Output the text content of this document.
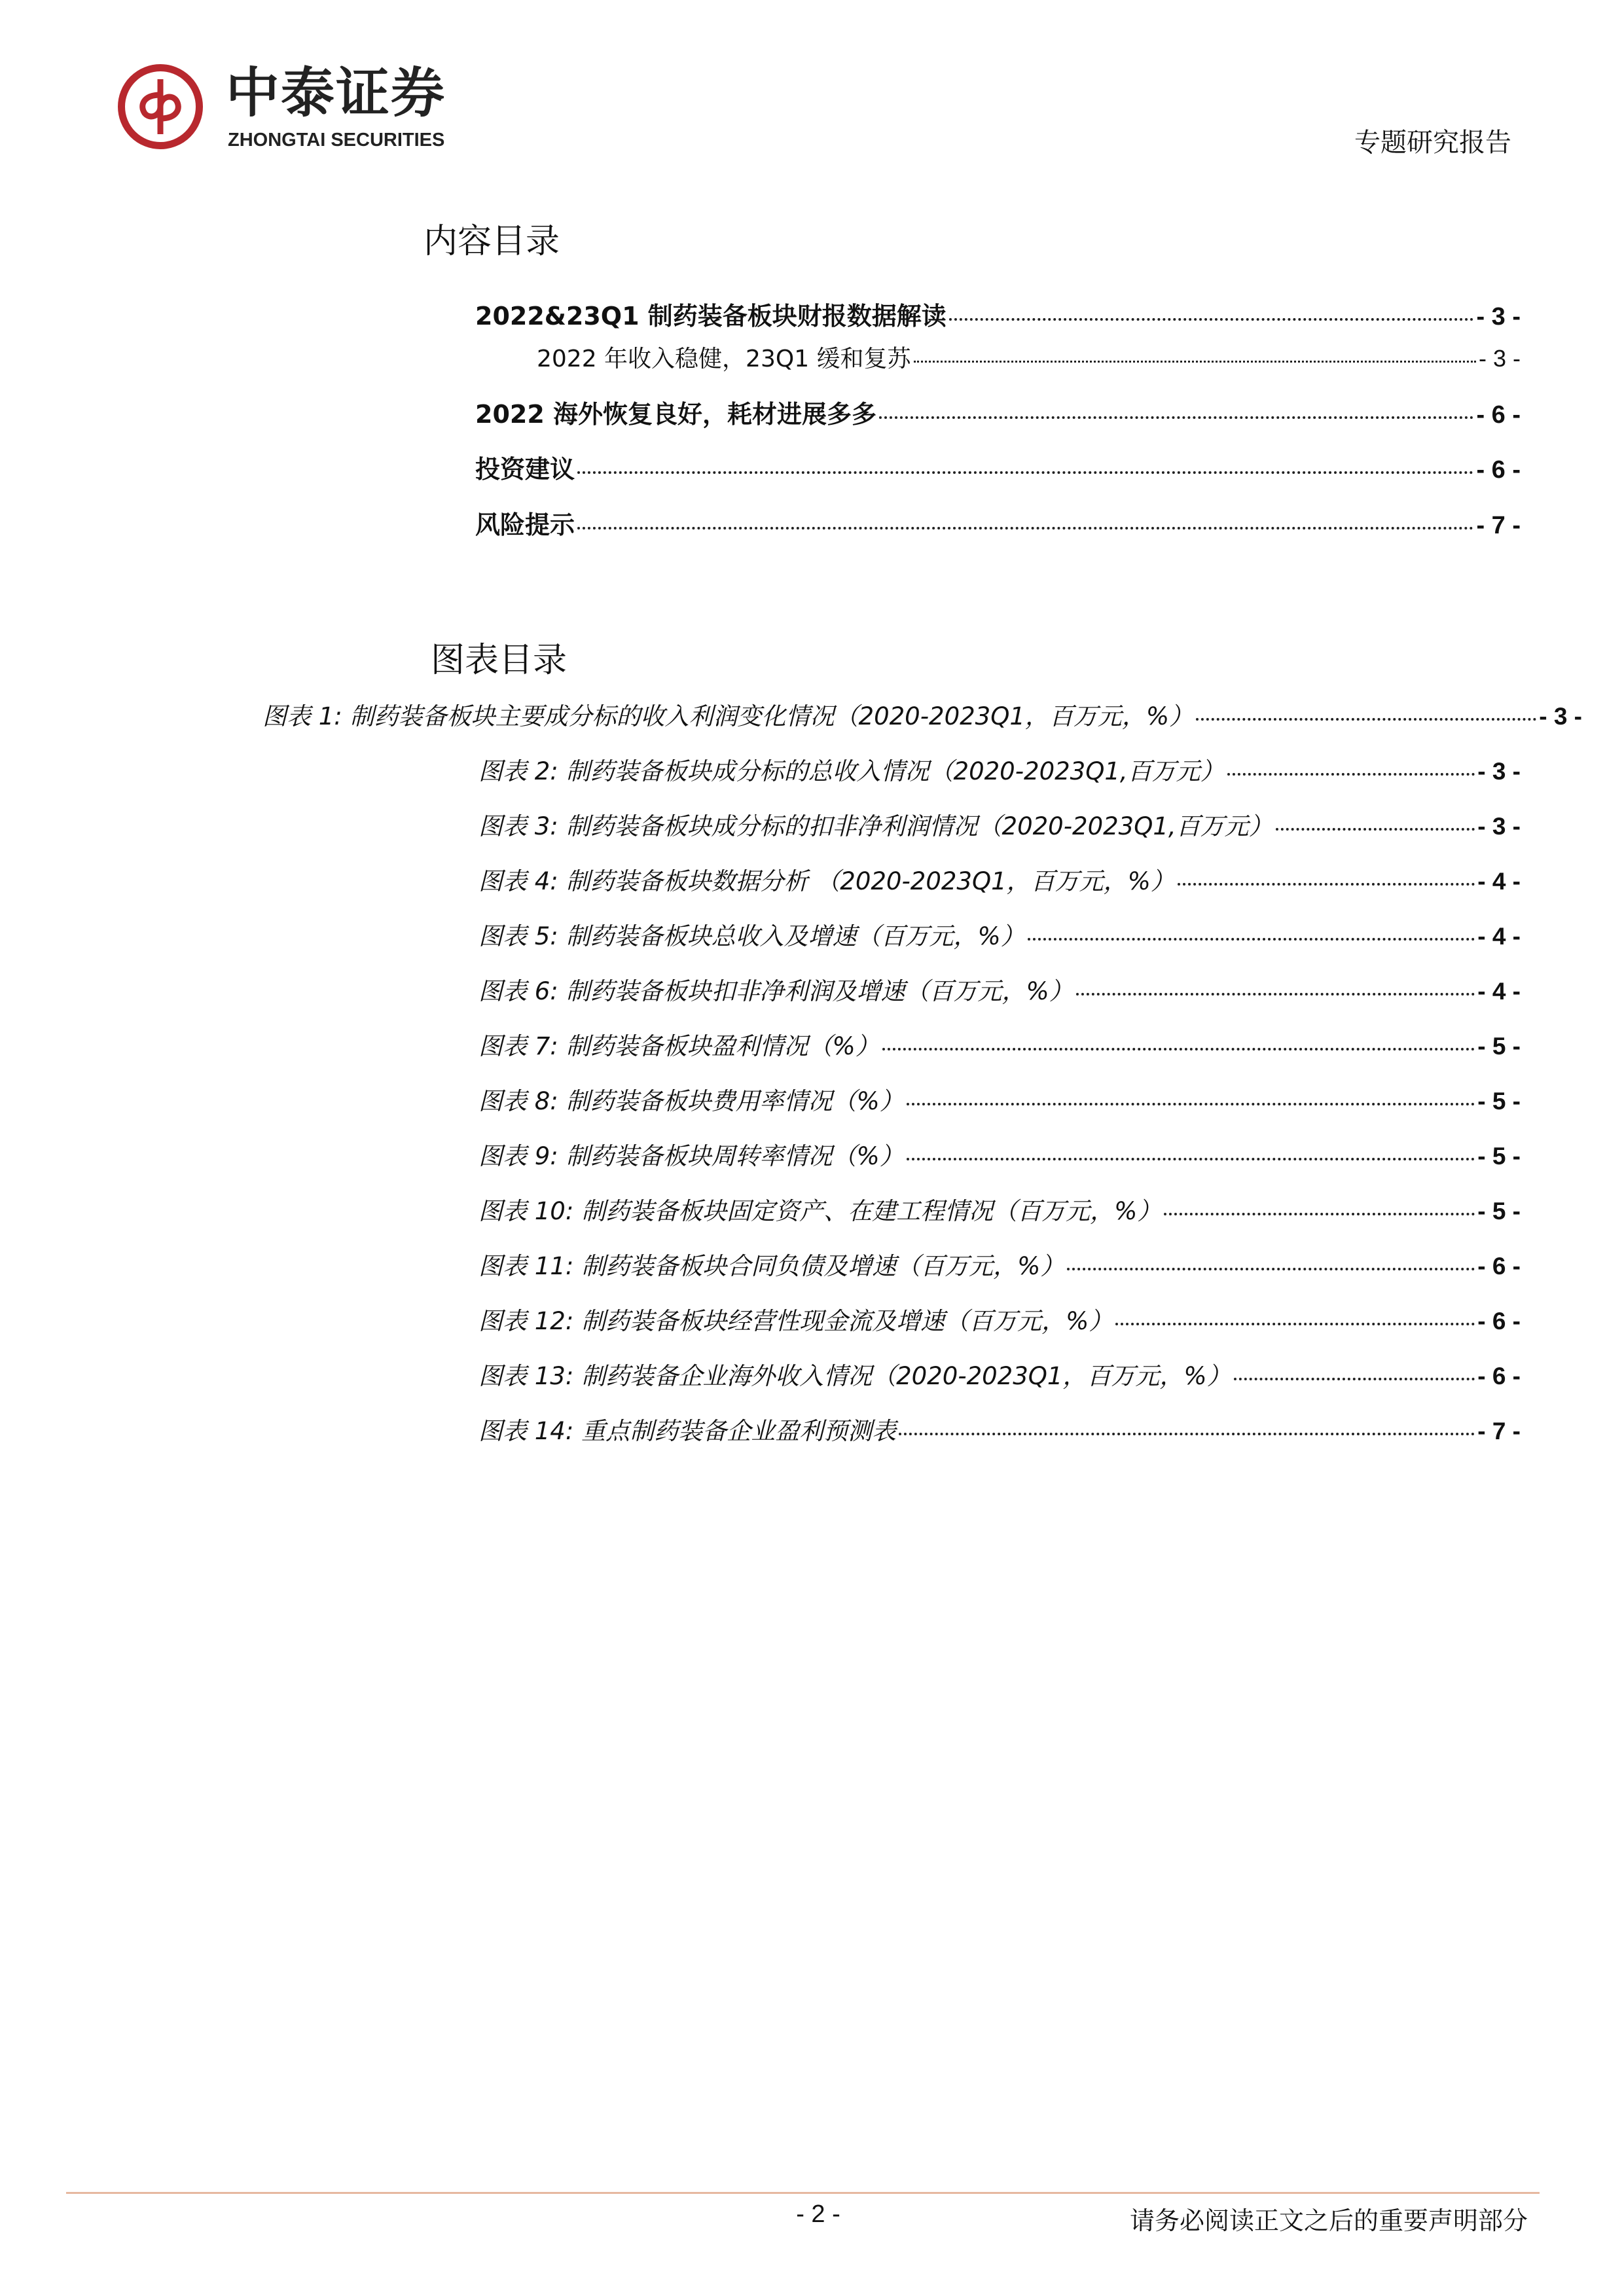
中泰证券
ZHONGTAI SECURITIES	专题研究报告
内容目录
2022&23Q1 制药装备板块财报数据解读	- 3 -
2022 年收入稳健，23Q1 缓和复苏	- 3 -
2022 海外恢复良好，耗材进展多多	- 6 -
投资建议	- 6 -
风险提示	- 7 -
图表目录
图表 1: 制药装备板块主要成分标的收入利润变化情况（2020-2023Q1，百万元，%）	- 3 -
图表 2: 制药装备板块成分标的总收入情况（2020-2023Q1,百万元）	- 3 -
图表 3: 制药装备板块成分标的扣非净利润情况（2020-2023Q1,百万元）	- 3 -
图表 4: 制药装备板块数据分析 （2020-2023Q1，百万元，%）	- 4 -
图表 5: 制药装备板块总收入及增速（百万元，%）	- 4 -
图表 6: 制药装备板块扣非净利润及增速（百万元，%）	- 4 -
图表 7: 制药装备板块盈利情况（%）	- 5 -
图表 8: 制药装备板块费用率情况（%）	- 5 -
图表 9: 制药装备板块周转率情况（%）	- 5 -
图表 10: 制药装备板块固定资产、在建工程情况（百万元，%）	- 5 -
图表 11: 制药装备板块合同负债及增速（百万元，%）	- 6 -
图表 12: 制药装备板块经营性现金流及增速（百万元，%）	- 6 -
图表 13: 制药装备企业海外收入情况（2020-2023Q1，百万元，%）	- 6 -
图表 14: 重点制药装备企业盈利预测表	- 7 -
- 2 -	请务必阅读正文之后的重要声明部分
